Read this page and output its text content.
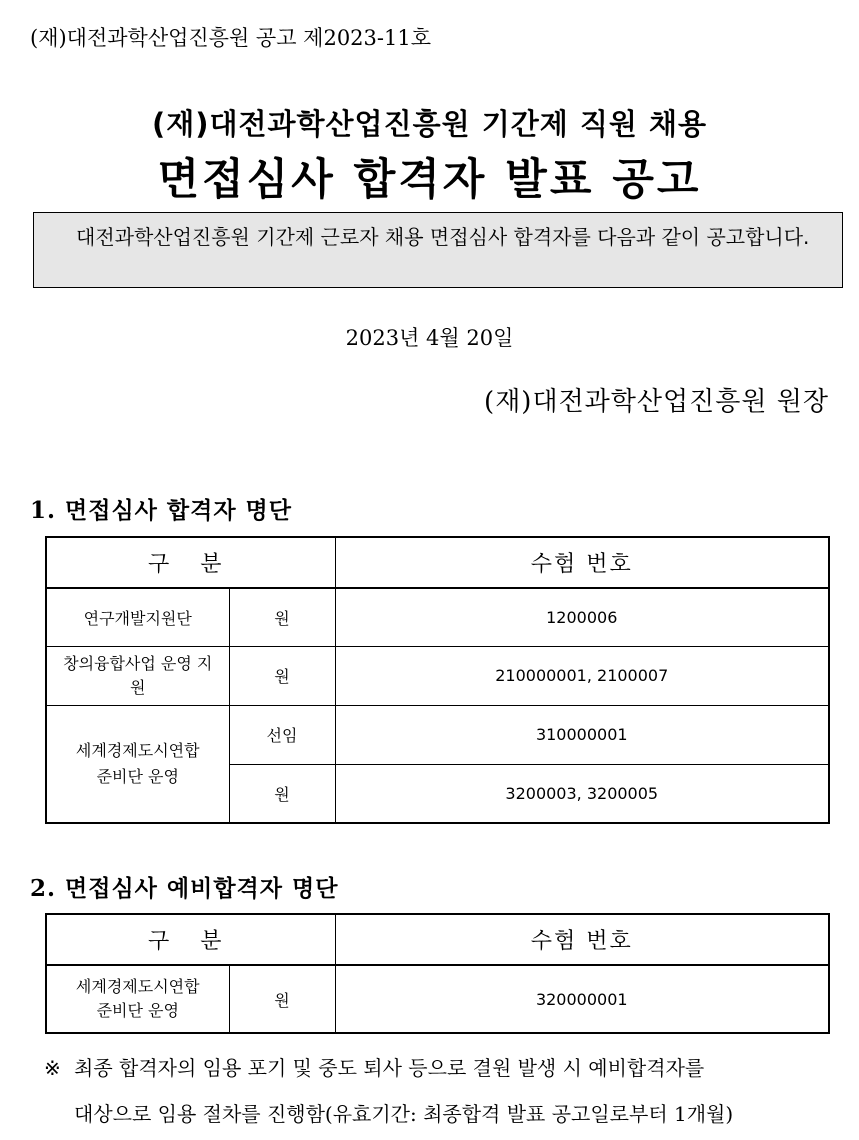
(재)대전과학산업진흥원 공고 제2023-11호
(재)대전과학산업진흥원 기간제 직원 채용
면접심사 합격자 발표 공고
대전과학산업진흥원 기간제 근로자 채용 면접심사 합격자를 다음과 같이 공고합니다.
2023년 4월 20일
(재)대전과학산업진흥원 원장
1. 면접심사 합격자 명단
구 분		수험 번호
연구개발지원단	원	1200006
창의융합사업 운영 지원	원	210000001, 2100007
세계경제도시연합 준비단 운영	선임	310000001
	원	3200003, 3200005
2. 면접심사 예비합격자 명단
구 분		수험 번호
세계경제도시연합 준비단 운영	원	320000001
※ 최종 합격자의 임용 포기 및 중도 퇴사 등으로 결원 발생 시 예비합격자를
대상으로 임용 절차를 진행함(유효기간: 최종합격 발표 공고일로부터 1개월)
